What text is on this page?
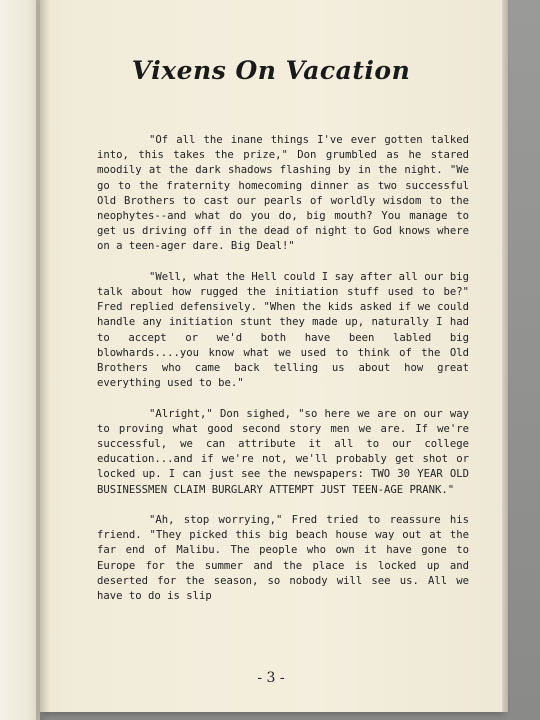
Vixens On Vacation

"Of all the inane things I've ever gotten talked into, this takes the prize," Don grumbled as he stared moodily at the dark shadows flashing by in the night. "We go to the fraternity homecoming dinner as two successful Old Brothers to cast our pearls of worldly wisdom to the neophytes--and what do you do, big mouth? You manage to get us driving off in the dead of night to God knows where on a teen-ager dare. Big Deal!"

"Well, what the Hell could I say after all our big talk about how rugged the initiation stuff used to be?" Fred replied defensively. "When the kids asked if we could handle any initiation stunt they made up, naturally I had to accept or we'd both have been labled big blowhards....you know what we used to think of the Old Brothers who came back telling us about how great everything used to be."

"Alright," Don sighed, "so here we are on our way to proving what good second story men we are. If we're successful, we can attribute it all to our college education...and if we're not, we'll probably get shot or locked up. I can just see the newspapers: TWO 30 YEAR OLD BUSINESSMEN CLAIM BURGLARY ATTEMPT JUST TEEN-AGE PRANK."

"Ah, stop worrying," Fred tried to reassure his friend. "They picked this big beach house way out at the far end of Malibu. The people who own it have gone to Europe for the summer and the place is locked up and deserted for the season, so nobody will see us. All we have to do is slip

- 3 -
